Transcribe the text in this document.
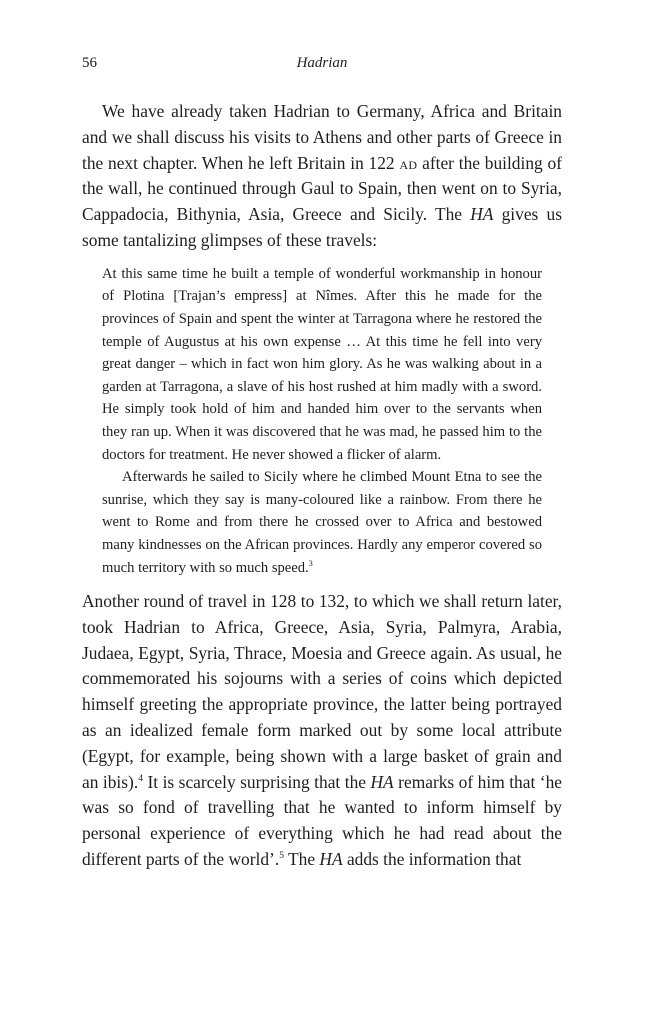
56	Hadrian

We have already taken Hadrian to Germany, Africa and Britain and we shall discuss his visits to Athens and other parts of Greece in the next chapter. When he left Britain in 122 ad after the building of the wall, he continued through Gaul to Spain, then went on to Syria, Cappadocia, Bithynia, Asia, Greece and Sicily. The HA gives us some tantalizing glimpses of these travels:

At this same time he built a temple of wonderful workmanship in honour of Plotina [Trajan’s empress] at Nîmes. After this he made for the provinces of Spain and spent the winter at Tarragona where he restored the temple of Augustus at his own expense … At this time he fell into very great danger – which in fact won him glory. As he was walking about in a garden at Tarragona, a slave of his host rushed at him madly with a sword. He simply took hold of him and handed him over to the servants when they ran up. When it was discovered that he was mad, he passed him to the doctors for treatment. He never showed a flicker of alarm.

Afterwards he sailed to Sicily where he climbed Mount Etna to see the sunrise, which they say is many-coloured like a rainbow. From there he went to Rome and from there he crossed over to Africa and bestowed many kindnesses on the African provinces. Hardly any emperor covered so much territory with so much speed.$^3$

Another round of travel in 128 to 132, to which we shall return later, took Hadrian to Africa, Greece, Asia, Syria, Palmyra, Arabia, Judaea, Egypt, Syria, Thrace, Moesia and Greece again. As usual, he commemorated his sojourns with a series of coins which depicted himself greeting the appropriate province, the latter being portrayed as an idealized female form marked out by some local attribute (Egypt, for example, being shown with a large basket of grain and an ibis).$^4$ It is scarcely surprising that the HA remarks of him that ‘he was so fond of travelling that he wanted to inform himself by personal experience of everything which he had read about the different parts of the world’.$^5$ The HA adds the information that
